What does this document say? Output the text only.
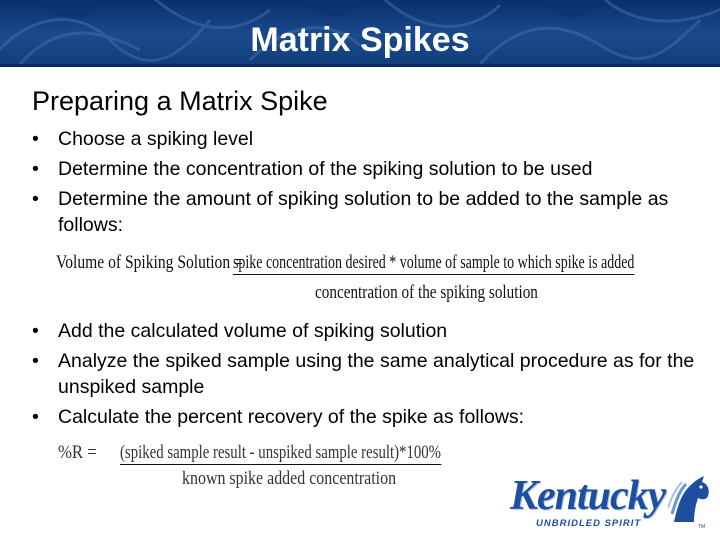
Matrix Spikes
Preparing a Matrix Spike
• Choose a spiking level
• Determine the concentration of the spiking solution to be used
• Determine the amount of spiking solution to be added to the sample as follows:
Volume of Spiking Solution =
spike concentration desired * volume of sample to which spike is added
concentration of the spiking solution
• Add the calculated volume of spiking solution
• Analyze the spiked sample using the same analytical procedure as for the unspiked sample
• Calculate the percent recovery of the spike as follows:
%R = (spiked sample result - unspiked sample result)*100%
known spike added concentration	Kentucky
UNBRIDLED SPIRIT	TM
